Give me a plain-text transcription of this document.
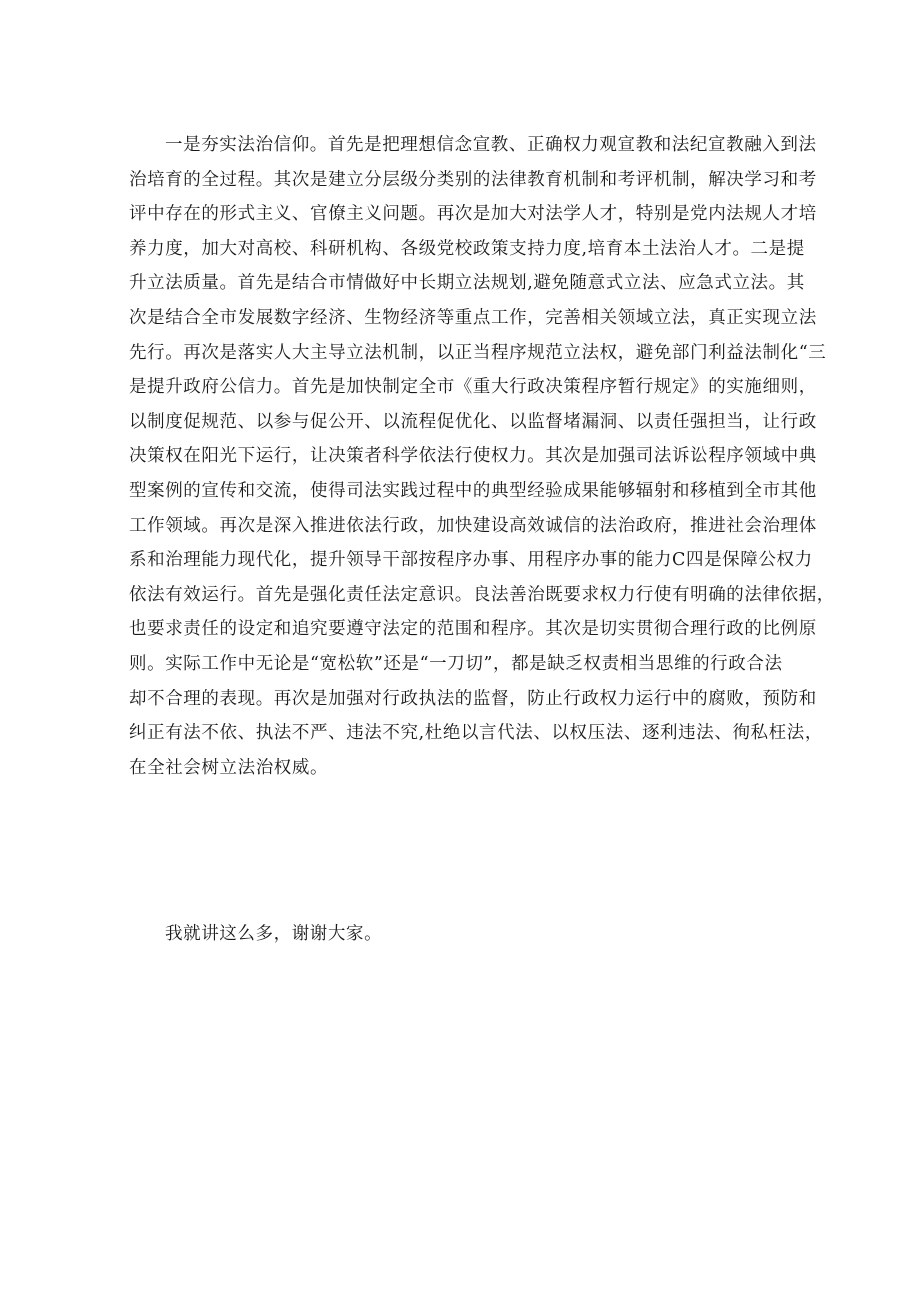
一是夯实法治信仰。首先是把理想信念宣教、正确权力观宣教和法纪宣教融入到法
治培育的全过程。其次是建立分层级分类别的法律教育机制和考评机制，解决学习和考
评中存在的形式主义、官僚主义问题。再次是加大对法学人才，特别是党内法规人才培
养力度，加大对高校、科研机构、各级党校政策支持力度,培育本土法治人才。二是提
升立法质量。首先是结合市情做好中长期立法规划,避免随意式立法、应急式立法。其
次是结合全市发展数字经济、生物经济等重点工作，完善相关领域立法，真正实现立法
先行。再次是落实人大主导立法机制，以正当程序规范立法权，避免部门利益法制化“三
是提升政府公信力。首先是加快制定全市《重大行政决策程序暂行规定》的实施细则，
以制度促规范、以参与促公开、以流程促优化、以监督堵漏洞、以责任强担当，让行政
决策权在阳光下运行，让决策者科学依法行使权力。其次是加强司法诉讼程序领域中典
型案例的宣传和交流，使得司法实践过程中的典型经验成果能够辐射和移植到全市其他
工作领域。再次是深入推进依法行政，加快建设高效诚信的法治政府，推进社会治理体
系和治理能力现代化，提升领导干部按程序办事、用程序办事的能力C四是保障公权力
依法有效运行。首先是强化责任法定意识。良法善治既要求权力行使有明确的法律依据，
也要求责任的设定和追究要遵守法定的范围和程序。其次是切实贯彻合理行政的比例原
则。实际工作中无论是“宽松软”还是“一刀切”，都是缺乏权责相当思维的行政合法
却不合理的表现。再次是加强对行政执法的监督，防止行政权力运行中的腐败，预防和
纠正有法不依、执法不严、违法不究,杜绝以言代法、以权压法、逐利违法、徇私枉法，
在全社会树立法治权威。
我就讲这么多，谢谢大家。
